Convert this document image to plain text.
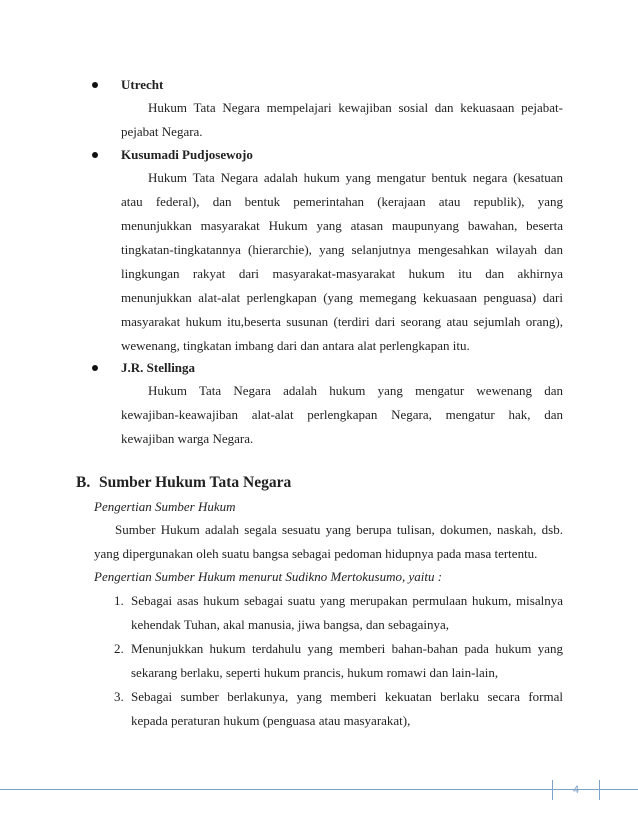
Utrecht
Hukum Tata Negara mempelajari kewajiban sosial dan kekuasaan pejabat-
pejabat Negara.
Kusumadi Pudjosewojo
Hukum Tata Negara adalah hukum yang mengatur bentuk negara (kesatuan
atau federal), dan bentuk pemerintahan (kerajaan atau republik), yang
menunjukkan masyarakat Hukum yang atasan maupunyang bawahan, beserta
tingkatan-tingkatannya (hierarchie), yang selanjutnya mengesahkan wilayah dan
lingkungan rakyat dari masyarakat-masyarakat hukum itu dan akhirnya
menunjukkan alat-alat perlengkapan (yang memegang kekuasaan penguasa) dari
masyarakat hukum itu,beserta susunan (terdiri dari seorang atau sejumlah orang),
wewenang, tingkatan imbang dari dan antara alat perlengkapan itu.
J.R. Stellinga
Hukum Tata Negara adalah hukum yang mengatur wewenang dan
kewajiban-keawajiban alat-alat perlengkapan Negara, mengatur hak, dan
kewajiban warga Negara.
B. Sumber Hukum Tata Negara
Pengertian Sumber Hukum
Sumber Hukum adalah segala sesuatu yang berupa tulisan, dokumen, naskah, dsb.
yang dipergunakan oleh suatu bangsa sebagai pedoman hidupnya pada masa tertentu.
Pengertian Sumber Hukum menurut Sudikno Mertokusumo, yaitu :
1. Sebagai asas hukum sebagai suatu yang merupakan permulaan hukum, misalnya
kehendak Tuhan, akal manusia, jiwa bangsa, dan sebagainya,
2. Menunjukkan hukum terdahulu yang memberi bahan-bahan pada hukum yang
sekarang berlaku, seperti hukum prancis, hukum romawi dan lain-lain,
3. Sebagai sumber berlakunya, yang memberi kekuatan berlaku secara formal
kepada peraturan hukum (penguasa atau masyarakat),
4
